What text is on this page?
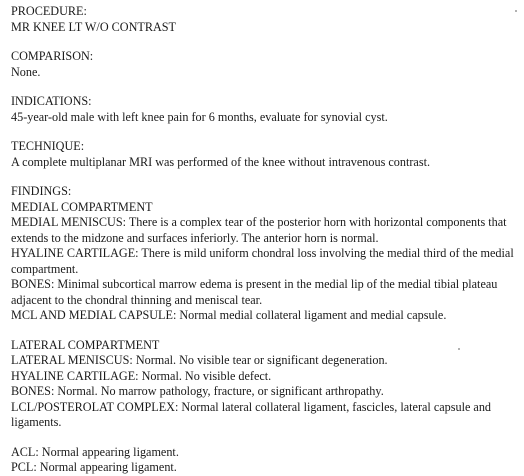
PROCEDURE:
MR KNEE LT W/O CONTRAST
COMPARISON:
None.
INDICATIONS:
45-year-old male with left knee pain for 6 months, evaluate for synovial cyst.
TECHNIQUE:
A complete multiplanar MRI was performed of the knee without intravenous contrast.
FINDINGS:
MEDIAL COMPARTMENT
MEDIAL MENISCUS: There is a complex tear of the posterior horn with horizontal components that extends to the midzone and surfaces inferiorly. The anterior horn is normal.
HYALINE CARTILAGE: There is mild uniform chondral loss involving the medial third of the medial compartment.
BONES: Minimal subcortical marrow edema is present in the medial lip of the medial tibial plateau adjacent to the chondral thinning and meniscal tear.
MCL AND MEDIAL CAPSULE: Normal medial collateral ligament and medial capsule.
LATERAL COMPARTMENT
LATERAL MENISCUS: Normal. No visible tear or significant degeneration.
HYALINE CARTILAGE: Normal. No visible defect.
BONES: Normal. No marrow pathology, fracture, or significant arthropathy.
LCL/POSTEROLAT COMPLEX: Normal lateral collateral ligament, fascicles, lateral capsule and ligaments.
ACL: Normal appearing ligament.
PCL: Normal appearing ligament.
